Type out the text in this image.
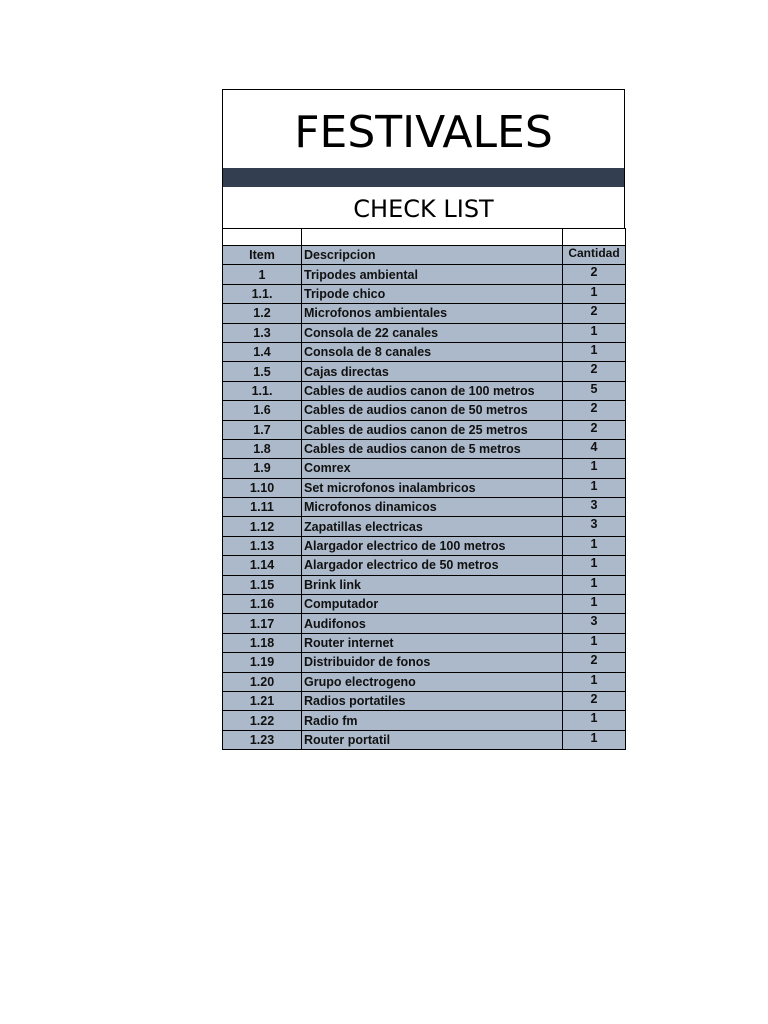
FESTIVALES
CHECK LIST

Item	Descripcion	Cantidad
1	Tripodes ambiental	2
1.1.	Tripode chico	1
1.2	Microfonos ambientales	2
1.3	Consola de 22 canales	1
1.4	Consola de 8 canales	1
1.5	Cajas directas	2
1.1.	Cables de audios canon de 100 metros	5
1.6	Cables de audios canon de 50 metros	2
1.7	Cables de audios canon de 25 metros	2
1.8	Cables de audios canon de 5 metros	4
1.9	Comrex	1
1.10	Set microfonos inalambricos	1
1.11	Microfonos dinamicos	3
1.12	Zapatillas electricas	3
1.13	Alargador electrico de 100 metros	1
1.14	Alargador electrico de 50 metros	1
1.15	Brink link	1
1.16	Computador	1
1.17	Audifonos	3
1.18	Router internet	1
1.19	Distribuidor de fonos	2
1.20	Grupo electrogeno	1
1.21	Radios portatiles	2
1.22	Radio fm	1
1.23	Router portatil	1
